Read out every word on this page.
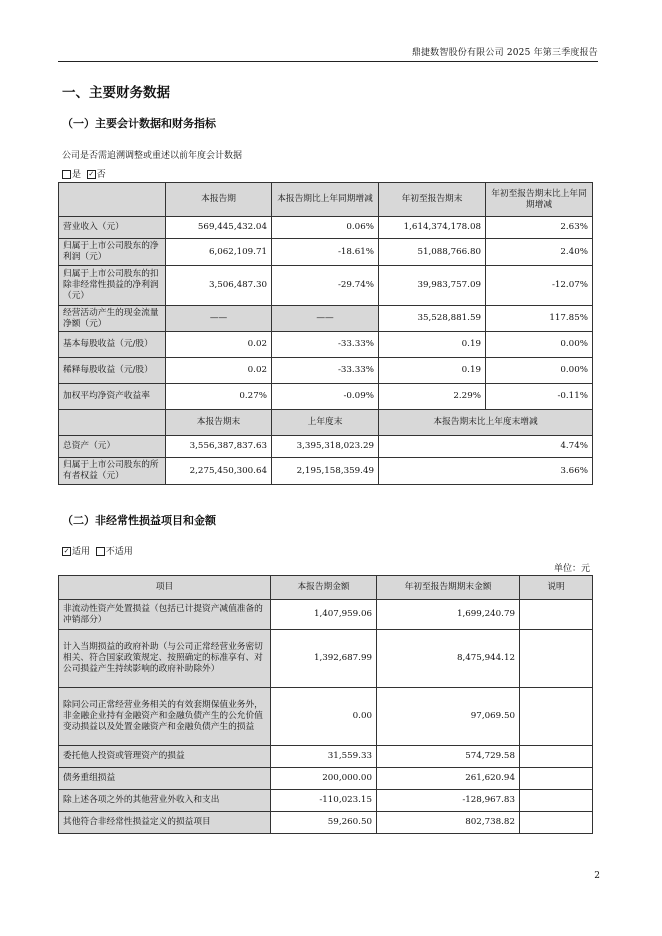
鼎捷数智股份有限公司 2025 年第三季度报告
一、主要财务数据
（一）主要会计数据和财务指标
公司是否需追溯调整或重述以前年度会计数据
是 ✓ 否
	本报告期	本报告期比上年同期增减	年初至报告期末	年初至报告期末比上年同期增减
营业收入（元）	569,445,432.04	0.06%	1,614,374,178.08	2.63%
归属于上市公司股东的净利润（元）	6,062,109.71	-18.61%	51,088,766.80	2.40%
归属于上市公司股东的扣除非经常性损益的净利润（元）	3,506,487.30	-29.74%	39,983,757.09	-12.07%
经营活动产生的现金流量净额（元）	——	——	35,528,881.59	117.85%
基本每股收益（元/股）	0.02	-33.33%	0.19	0.00%
稀释每股收益（元/股）	0.02	-33.33%	0.19	0.00%
加权平均净资产收益率	0.27%	-0.09%	2.29%	-0.11%
	本报告期末	上年度末	本报告期末比上年度末增减	
总资产（元）	3,556,387,837.63	3,395,318,023.29	4.74%	
归属于上市公司股东的所有者权益（元）	2,275,450,300.64	2,195,158,359.49	3.66%	
（二）非经常性损益项目和金额
✓ 适用 不适用
单位：元
项目	本报告期金额	年初至报告期期末金额	说明
非流动性资产处置损益（包括已计提资产减值准备的冲销部分）	1,407,959.06	1,699,240.79	
计入当期损益的政府补助（与公司正常经营业务密切相关、符合国家政策规定、按照确定的标准享有、对公司损益产生持续影响的政府补助除外）	1,392,687.99	8,475,944.12	
除同公司正常经营业务相关的有效套期保值业务外，非金融企业持有金融资产和金融负债产生的公允价值变动损益以及处置金融资产和金融负债产生的损益	0.00	97,069.50	
委托他人投资或管理资产的损益	31,559.33	574,729.58	
债务重组损益	200,000.00	261,620.94	
除上述各项之外的其他营业外收入和支出	-110,023.15	-128,967.83	
其他符合非经常性损益定义的损益项目	59,260.50	802,738.82	
2
